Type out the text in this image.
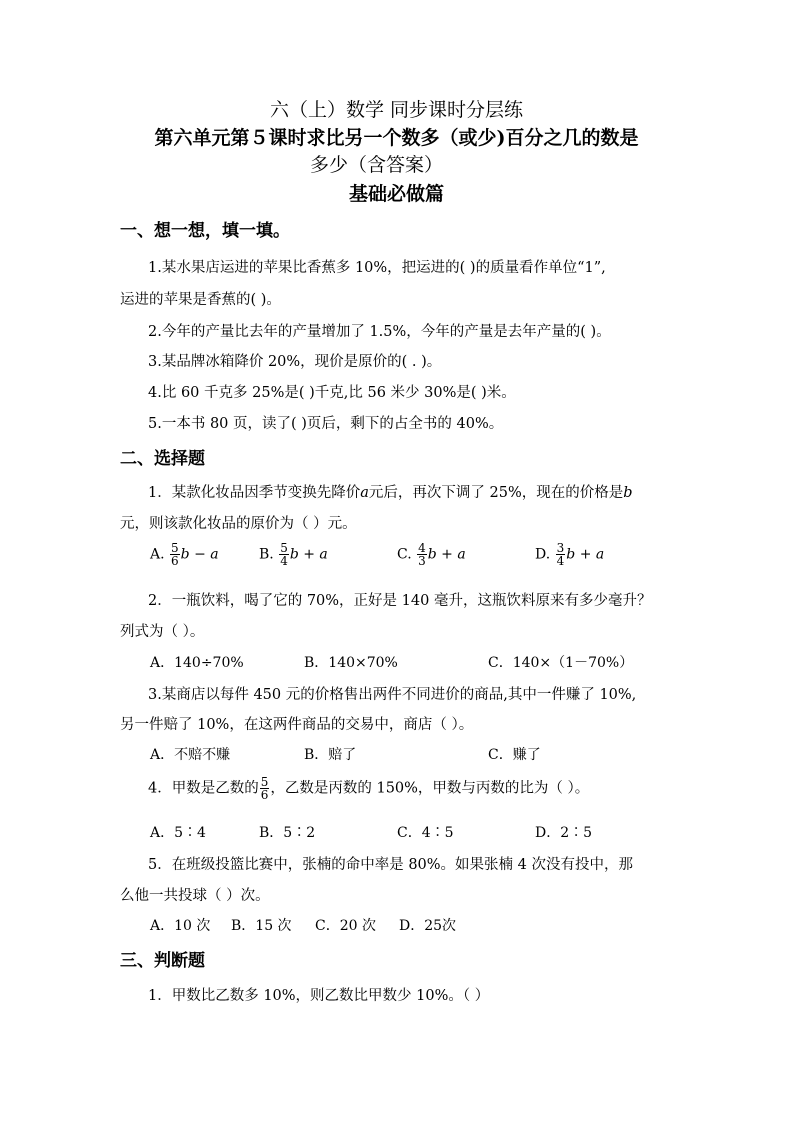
六（上）数学 同步课时分层练
第六单元第５课时求比另一个数多（或少)百分之几的数是
多少（含答案）
基础必做篇
一、想一想，填一填。
1.某水果店运进的苹果比香蕉多 10%，把运进的( )的质量看作单位“1”,
运进的苹果是香蕉的( )。
2.今年的产量比去年的产量增加了 1.5%，今年的产量是去年产量的( )。
3.某品牌冰箱降价 20%，现价是原价的( . )。
4.比 60 千克多 25%是( )千克,比 56 米少 30%是( )米。
5.一本书 80 页，读了( )页后，剩下的占全书的 40%。
二、选择题
1．某款化妆品因季节变换先降价a元后，再次下调了 25%，现在的价格是b
元，则该款化妆品的原价为（ ）元。
A. $\frac{5}{6}$ b − a	B. $\frac{5}{4}$ b + a	C. $\frac{4}{3}$ b + a	D. $\frac{3}{4}$ b + a
2．一瓶饮料，喝了它的 70%，正好是 140 毫升，这瓶饮料原来有多少毫升？
列式为（ ）。
A．140÷70%	B．140×70%	C．140×（1－70%）
3.某商店以每件 450 元的价格售出两件不同进价的商品,其中一件赚了 10%,
另一件赔了 10%，在这两件商品的交易中，商店（ ）。
A．不赔不赚	B．赔了	C．赚了
4．甲数是乙数的 $\frac{5}{6}$ ，乙数是丙数的 150%，甲数与丙数的比为（ ）。
A．5∶4	B．5∶2	C．4∶5	D．2∶5
5．在班级投篮比赛中，张楠的命中率是 80%。如果张楠 4 次没有投中，那
么他一共投球（ ）次。
A．10 次 B．15 次 C．20 次 D．25次
三、判断题
1．甲数比乙数多 10%，则乙数比甲数少 10%。（ ）
